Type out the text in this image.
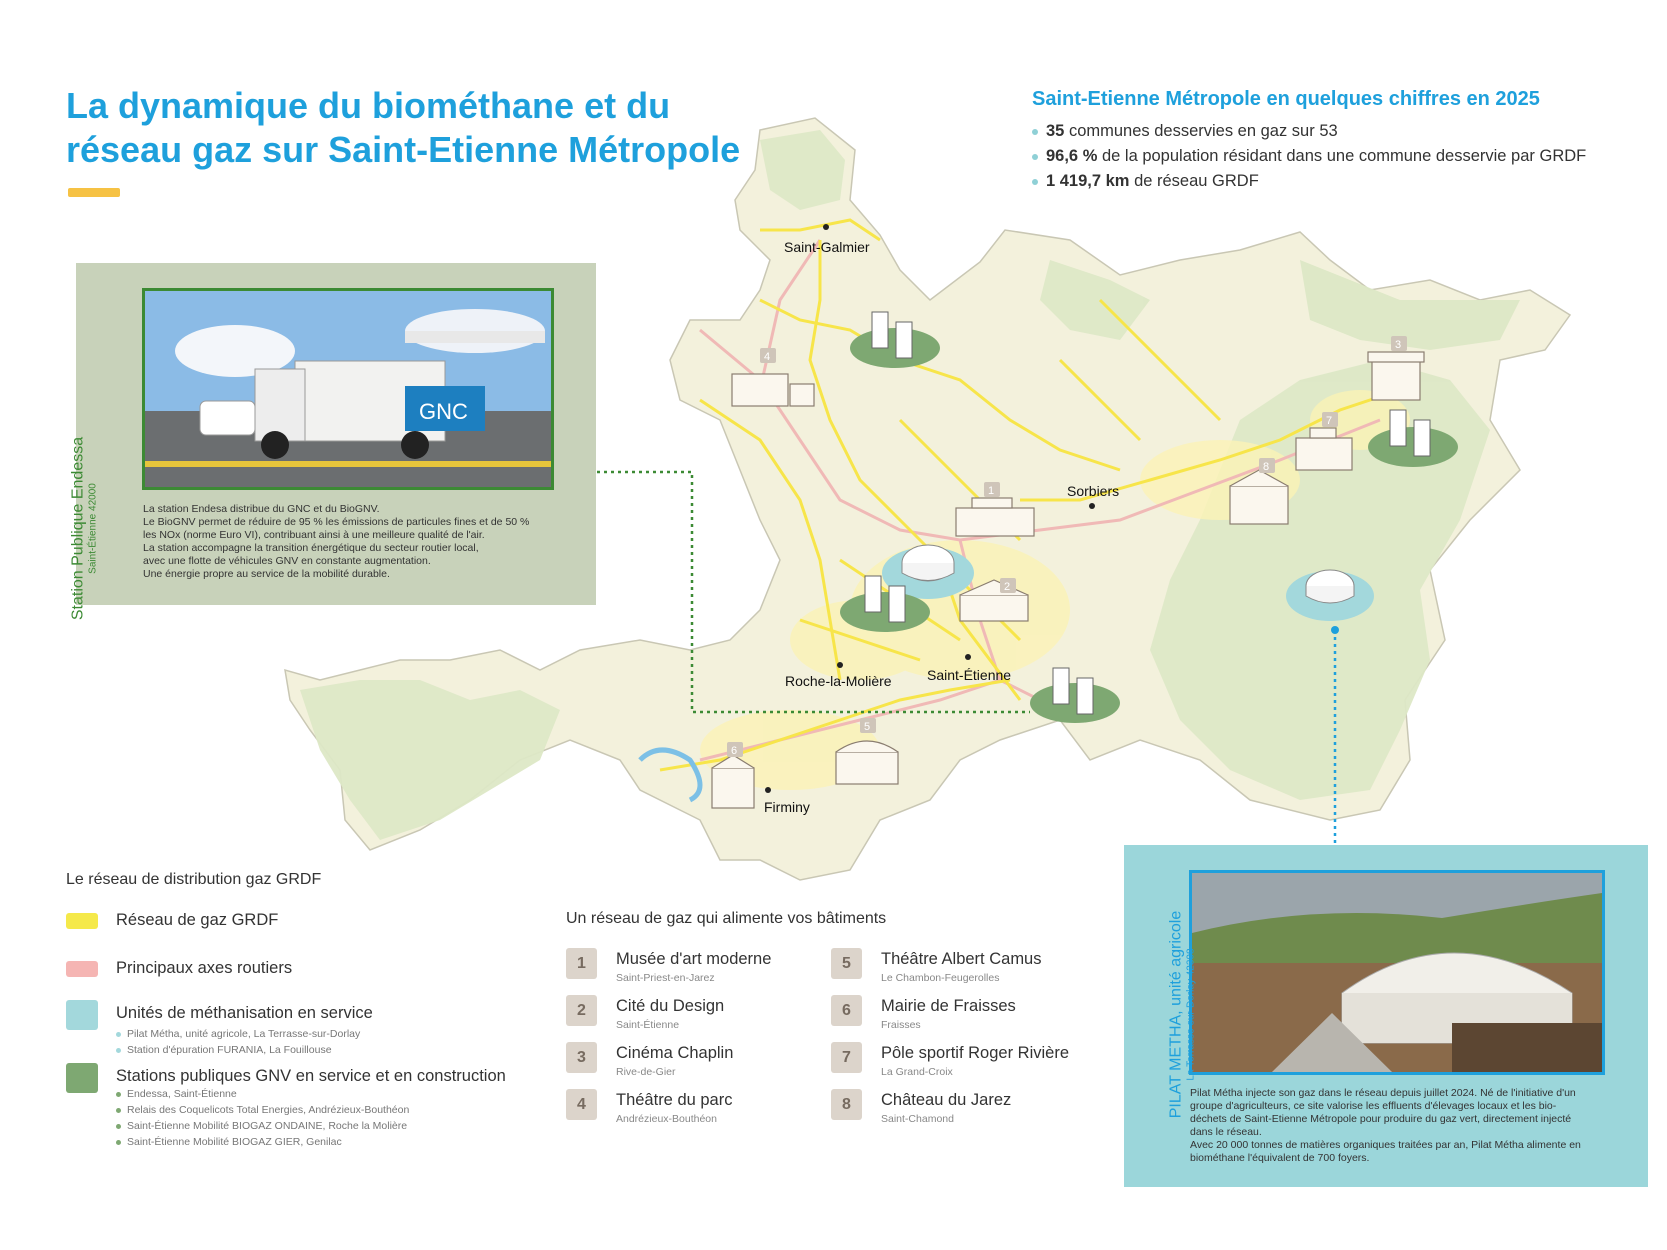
1
2
3
4
5
6
7
8
Saint-Galmier
Sorbiers
Roche-la-Molière	Saint-Étienne
Firminy
La dynamique du biométhane et du réseau gaz sur Saint-Etienne Métropole
Saint-Etienne Métropole en quelques chiffres en 2025
35 communes desservies en gaz sur 53
96,6 % de la population résidant dans une commune desservie par GRDF
1 419,7 km de réseau GRDF
GNC
Station Publique Endessa Saint-Étienne 42000	La station Endesa distribue du GNC et du BioGNV.
Le BioGNV permet de réduire de 95 % les émissions de particules fines et de 50 %
les NOx (norme Euro VI), contribuant ainsi à une meilleure qualité de l'air.
La station accompagne la transition énergétique du secteur routier local,
avec une flotte de véhicules GNV en constante augmentation.
Une énergie propre au service de la mobilité durable.
PILAT METHA, unité agricole La Terrasse-sur-Dorlay 42308
Pilat Métha injecte son gaz dans le réseau depuis juillet 2024. Né de l'initiative d'un
groupe d'agriculteurs, ce site valorise les effluents d'élevages locaux et les bio-
déchets de Saint-Etienne Métropole pour produire du gaz vert, directement injecté
dans le réseau.
Avec 20 000 tonnes de matières organiques traitées par an, Pilat Métha alimente en
biométhane l'équivalent de 700 foyers.
Le réseau de distribution gaz GRDF
Réseau de gaz GRDF
Principaux axes routiers
Unités de méthanisation en service
Pilat Métha, unité agricole, La Terrasse-sur-Dorlay
Station d'épuration FURANIA, La Fouillouse
Stations publiques GNV en service et en construction
Endessa, Saint-Étienne
Relais des Coquelicots Total Energies, Andrézieux-Bouthéon
Saint-Étienne Mobilité BIOGAZ ONDAINE, Roche la Molière
Saint-Étienne Mobilité BIOGAZ GIER, Genilac
Un réseau de gaz qui alimente vos bâtiments
1	Musée d'art moderne
Saint-Priest-en-Jarez
2	Cité du Design
Saint-Étienne
3	Cinéma Chaplin
Rive-de-Gier
4	Théâtre du parc
Andrézieux-Bouthéon
5	Théâtre Albert Camus
Le Chambon-Feugerolles
6	Mairie de Fraisses
Fraisses
7	Pôle sportif Roger Rivière
La Grand-Croix
8	Château du Jarez
Saint-Chamond
